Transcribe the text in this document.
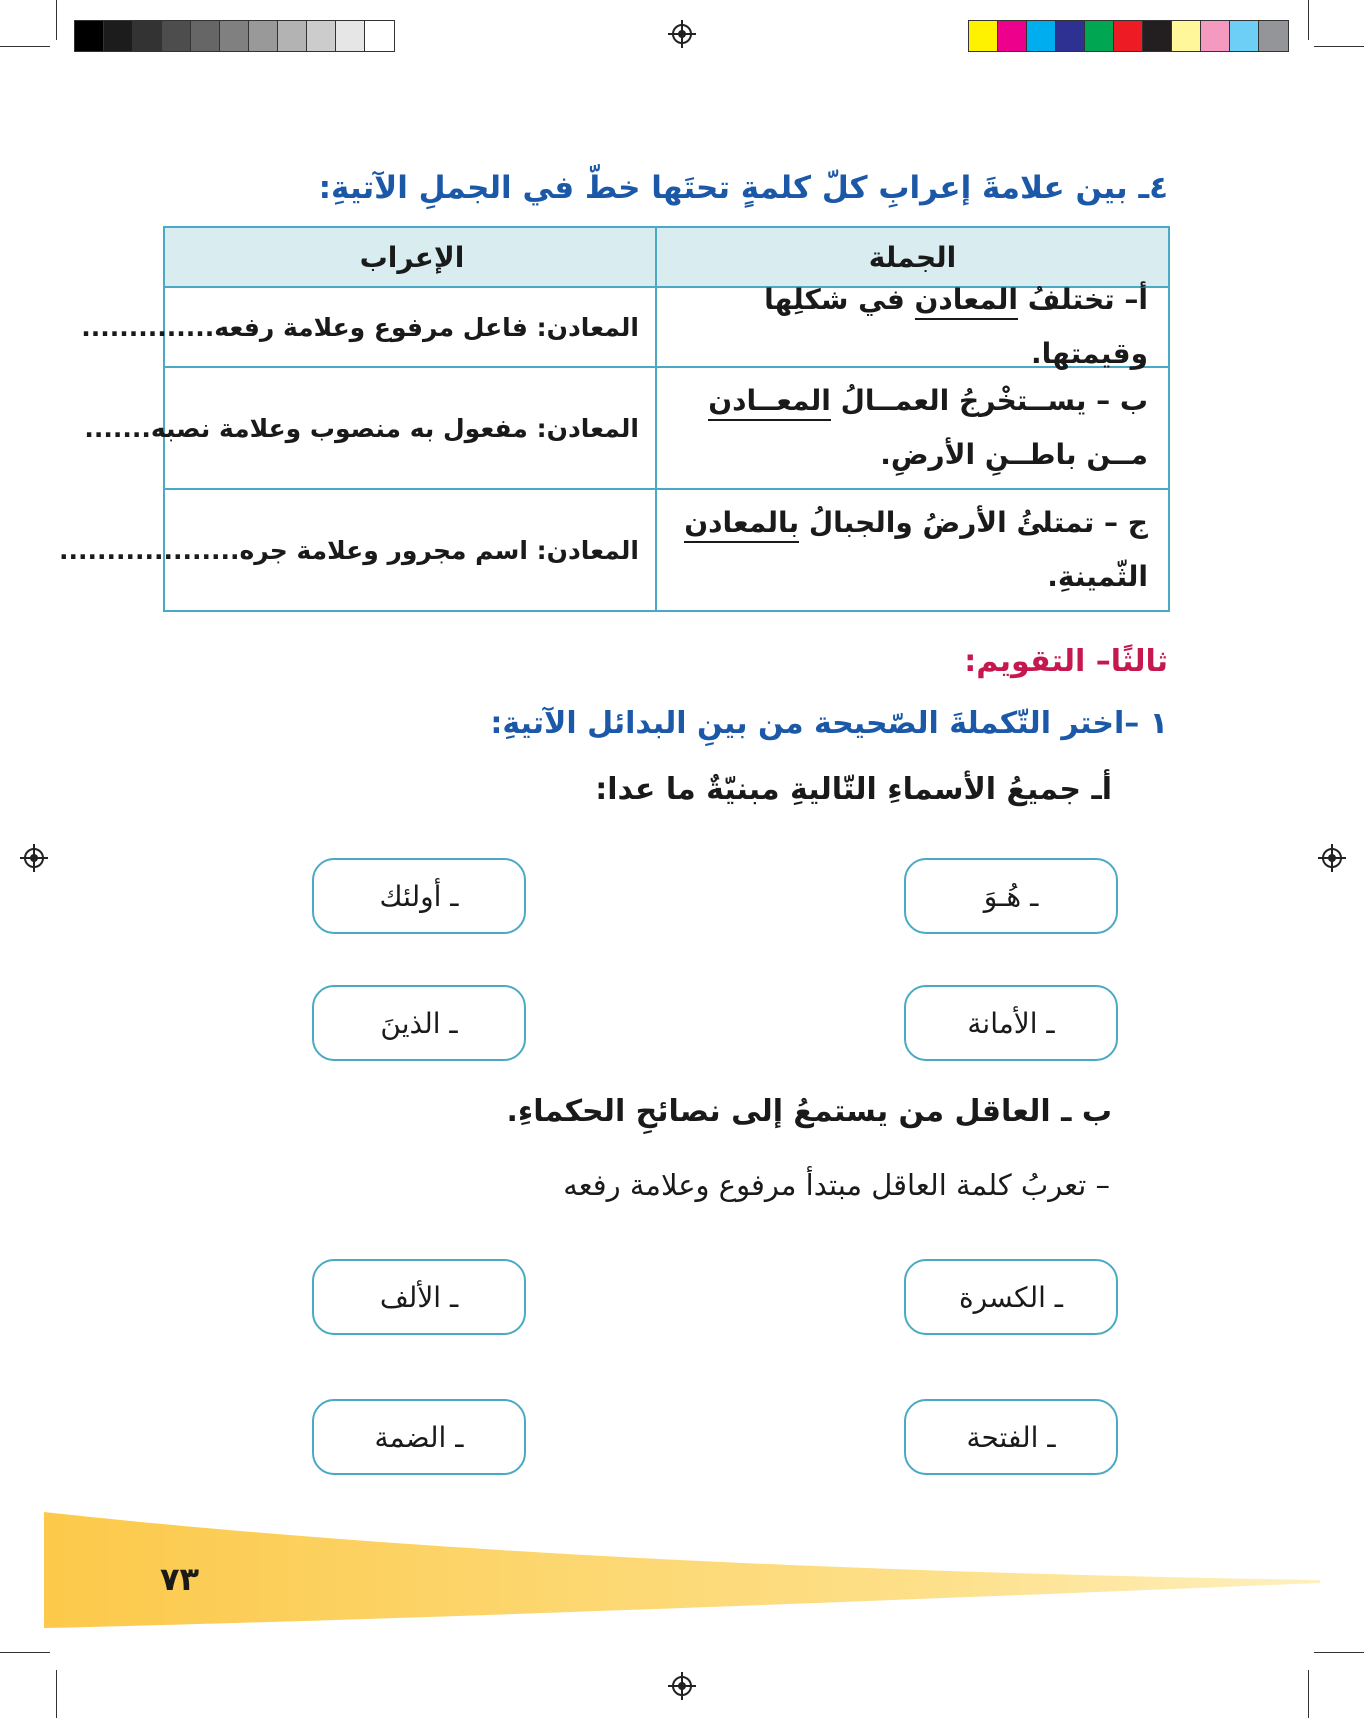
٤ـ بين علامةَ إعرابِ كلّ كلمةٍ تحتَها خطّ في الجملِ الآتيةِ:
الجملة
الإعراب
أ– تختلفُ المعادن في شكلِها وقيمتها.
المعادن: فاعل مرفوع وعلامة رفعه..............
ب – يســتخْرجُ العمــالُ المعــادن مــن باطــنِ الأرضِ.
المعادن: مفعول به منصوب وعلامة نصبه.......
ج – تمتلئُ الأرضُ والجبالُ بالمعادن الثّمينةِ.
المعادن: اسم مجرور وعلامة جره...................
ثالثًا– التقويم:
١ –اختر التّكملةَ الصّحيحة من بينِ البدائل الآتيةِ:
أـ جميعُ الأسماءِ التّاليةِ مبنيّةٌ ما عدا:
ـ هُـوَ
ـ أولئك
ـ الأمانة
ـ الذينَ
ب ـ العاقل من يستمعُ إلى نصائحِ الحكماءِ.
– تعربُ كلمة العاقل مبتدأ مرفوع وعلامة رفعه
ـ الكسرة
ـ الألف
ـ الفتحة
ـ الضمة
٧٣
